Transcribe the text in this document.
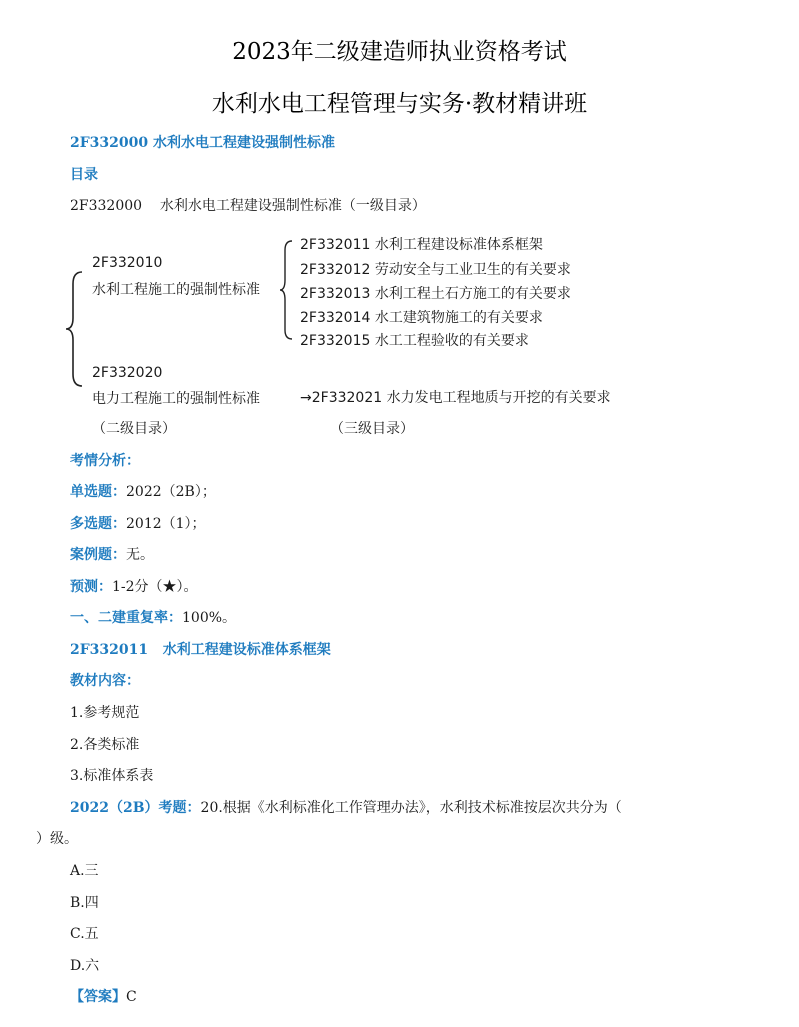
2023年二级建造师执业资格考试
水利水电工程管理与实务·教材精讲班
2F332000 水利水电工程建设强制性标准
目录
2F332000    水利水电工程建设强制性标准（一级目录）
2F332010
水利工程施工的强制性标准
2F332011 水利工程建设标准体系框架
2F332012 劳动安全与工业卫生的有关要求
2F332013 水利工程土石方施工的有关要求
2F332014 水工建筑物施工的有关要求
2F332015 水工工程验收的有关要求
2F332020
电力工程施工的强制性标准	→2F332021 水力发电工程地质与开挖的有关要求
（二级目录）	（三级目录）
考情分析：
单选题：2022（2B）；
多选题：2012（1）；
案例题：无。
预测：1-2分（★）。
一、二建重复率：100%。
2F332011   水利工程建设标准体系框架
教材内容：
1.参考规范
2.各类标准
3.标准体系表
2022（2B）考题：20.根据《水利标准化工作管理办法》，水利技术标准按层次共分为（
）级。
A.三
B.四
C.五
D.六
【答案】C
